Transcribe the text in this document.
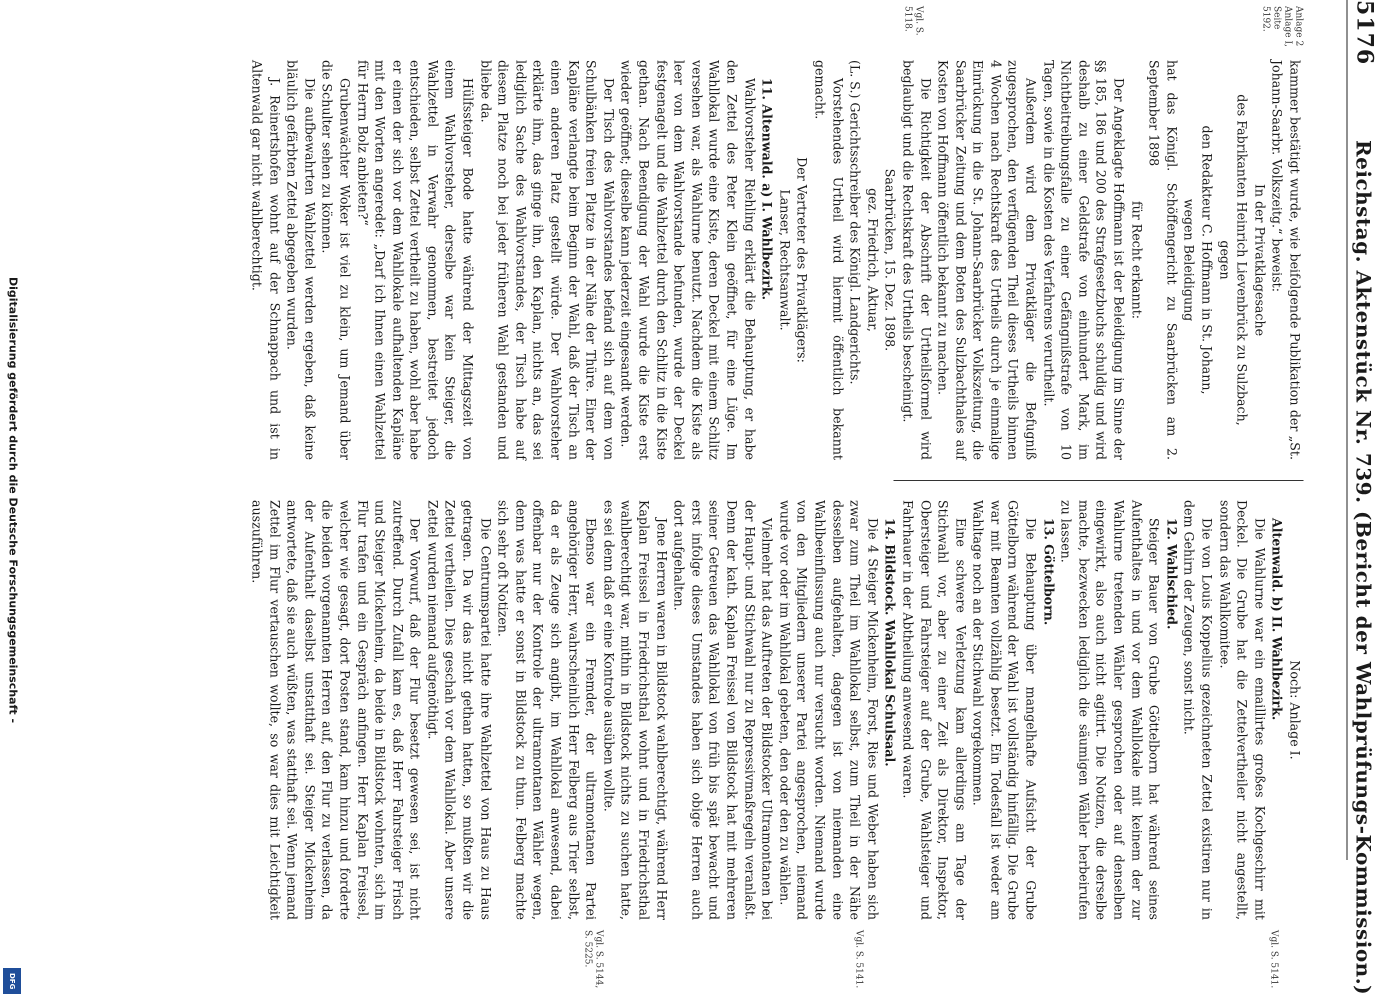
5176
Reichstag. Aktenstück Nr. 739. (Bericht der Wahlprüfungs-Kommission.)
Anlage 2
Anlage I,
Seite 5192.
Vgl. S. 5118.
Vgl. S. 5141.
Vgl. S. 5141.
Vgl. S. 5144, S. 5225.

kammer bestätigt wurde, wie beifolgende Publikation der „St. Johann-Saarbr. Volkszeitg.“ beweist:

In der Privatklagesache

des Fabrikanten Heinrich Lievenbrück zu Sulzbach,

gegen

den Redakteur C. Hoffmann in St. Johann,

wegen Beleidigung

hat das Königl. Schöffengericht zu Saarbrücken am 2. September 1898

für Recht erkannt:

Der Angeklagte Hoffmann ist der Beleidigung im Sinne der §§ 185, 186 und 200 des Strafgesetzbuchs schuldig und wird deshalb zu einer Geldstrafe von einhundert Mark, im Nichtbeitreibungsfalle zu einer Gefängnißstrafe von 10 Tagen, sowie in die Kosten des Verfahrens verurtheilt.

Außerdem wird dem Privatkläger die Befugniß zugesprochen, den verfügenden Theil dieses Urtheils binnen 4 Wochen nach Rechtskraft des Urtheils durch je einmalige Einrückung in die St. Johann-Saarbrücker Volkszeitung, die Saarbrücker Zeitung und dem Boten des Sulzbachthales auf Kosten von Hoffmann öffentlich bekannt zu machen.

Die Richtigkeit der Abschrift der Urtheilsformel wird beglaubigt und die Rechtskraft des Urtheils bescheinigt.

Saarbrücken, 15. Dez. 1898.

gez. Friedrich, Aktuar,

(L. S.) Gerichtsschreiber des Königl. Landgerichts.

Vorstehendes Urtheil wird hiermit öffentlich bekannt gemacht.

Der Vertreter des Privatklägers:

Lanser, Rechtsanwalt.

11. Altenwald. a) I. Wahlbezirk.

Wahlvorsteher Riehling erklärt die Behauptung, er habe den Zettel des Peter Klein geöffnet, für eine Lüge. Im Wahllokal wurde eine Kiste, deren Deckel mit einem Schlitz versehen war, als Wahlurne benutzt. Nachdem die Kiste als leer von dem Wahlvorstande befunden, wurde der Deckel festgenagelt und die Wahlzettel durch den Schlitz in die Kiste gethan. Nach Beendigung der Wahl wurde die Kiste erst wieder geöffnet; dieselbe kann jederzeit eingesandt werden.

Der Tisch des Wahlvorstandes befand sich auf dem von Schulbänken freien Platze in der Nähe der Thüre. Einer der Kapläne verlangte beim Beginn der Wahl, daß der Tisch an einen anderen Platz gestellt würde. Der Wahlvorsteher erklärte ihm, das ginge ihn, den Kaplan, nichts an, das sei lediglich Sache des Wahlvorstandes, der Tisch habe auf diesem Platze noch bei jeder früheren Wahl gestanden und bliebe da.

Hülfssteiger Bode hatte während der Mittagszeit von einem Wahlvorsteher, derselbe war kein Steiger, die Wahlzettel in Verwahr genommen, bestreitet jedoch entschieden, selbst Zettel vertheilt zu haben, wohl aber habe er einen der sich vor dem Wahllokale aufhaltenden Kapläne mit den Worten angeredet: „Darf ich Ihnen einen Wahlzettel für Herrn Bolz anbieten?“

Grubenwächter Woker ist viel zu klein, um Jemand über die Schulter sehen zu können.

Die aufbewahrten Wahlzettel werden ergeben, daß keine bläulich gefärbten Zettel abgegeben wurden.

J. Reinertshofen wohnt auf der Schnappach und ist in Altenwald gar nicht wahlberechtigt.

Noch: Anlage I.

Altenwald. b) II. Wahlbezirk.

Die Wahlurne war ein emaillirtes großes Kochgeschirr mit Deckel. Die Grube hat die Zettelvertheiler nicht angestellt, sondern das Wahlkomitee.

Die von Louis Koppelius gezeichneten Zettel existiren nur in dem Gehirn der Zeugen, sonst nicht.

12. Wahlschied.

Steiger Bauer von Grube Göttelborn hat während seines Aufenthaltes in und vor dem Wahllokale mit keinem der zur Wahlurne tretenden Wähler gesprochen oder auf denselben eingewirkt, also auch nicht agitirt. Die Notizen, die derselbe machte, bezwecken lediglich die säumigen Wähler herbeirufen zu lassen.

13. Göttelborn.

Die Behauptung über mangelhafte Aufsicht der Grube Göttelborn während der Wahl ist vollständig hinfällig. Die Grube war mit Beamten vollzählig besetzt. Ein Todesfall ist weder am Wahltage noch an der Stichwahl vorgekommen.

Eine schwere Verletzung kam allerdings am Tage der Stichwahl vor, aber zu einer Zeit als Direktor, Inspektor, Obersteiger und Fahrsteiger auf der Grube, Wahlsteiger und Fahrhauer in der Abtheilung anwesend waren.

14. Bildstock. Wahllokal Schulsaal.

Die 4 Steiger Mickenheim, Forst, Ries und Weber haben sich zwar zum Theil im Wahllokal selbst, zum Theil in der Nähe desselben aufgehalten, dagegen ist von niemanden eine Wahlbeeinflussung auch nur versucht worden. Niemand wurde von den Mitgliedern unserer Partei angesprochen, niemand wurde vor oder im Wahllokal gebeten, den oder den zu wählen.

Vielmehr hat das Auftreten der Bildstocker Ultramontanen bei der Haupt- und Stichwahl nur zu Repressivmaßregeln veranlaßt. Denn der kath. Kaplan Freissel von Bildstock hat mit mehreren seiner Getreuen das Wahllokal von früh bis spät bewacht und erst infolge dieses Umstandes haben sich obige Herren auch dort aufgehalten.

Jene Herren waren in Bildstock wahlberechtigt, während Herr Kaplan Freissel in Friedrichsthal wohnt und in Friedrichsthal wahlberechtigt war, mithin in Bildstock nichts zu suchen hatte, es sei denn daß er eine Kontrole ausüben wollte.

Ebenso war ein Fremder, der ultramontanen Partei angehöriger Herr, wahrscheinlich Herr Felberg aus Trier selbst, da er als Zeuge sich angibt, im Wahllokal anwesend, dabei offenbar nur der Kontrole der ultramontanen Wähler wegen, denn was hatte er sonst in Bildstock zu thun. Felberg machte sich sehr oft Notizen.

Die Centrumspartei hatte ihre Wahlzettel von Haus zu Haus getragen. Da wir das nicht gethan hatten, so mußten wir die Zettel vertheilen. Dies geschah vor dem Wahllokal. Aber unsere Zettel wurden niemand aufgenöthigt.

Der Vorwurf, daß der Flur besetzt gewesen sei, ist nicht zutreffend. Durch Zufall kam es, daß Herr Fahrsteiger Frisch und Steiger Mickenheim, da beide in Bildstock wohnten, sich im Flur trafen und ein Gespräch anfingen. Herr Kaplan Freissel, welcher wie gesagt, dort Posten stand, kam hinzu und forderte die beiden vorgenannten Herren auf, den Flur zu verlassen, da der Aufenthalt daselbst unstatthaft sei. Steiger Mickenheim antwortete, daß sie auch wüßten, was statthaft sei. Wenn jemand Zettel im Flur vertauschen wollte, so war dies mit Leichtigkeit auszuführen.

Digitalisierung gefördert durch die Deutsche Forschungsgemeinschaft -
DFG
